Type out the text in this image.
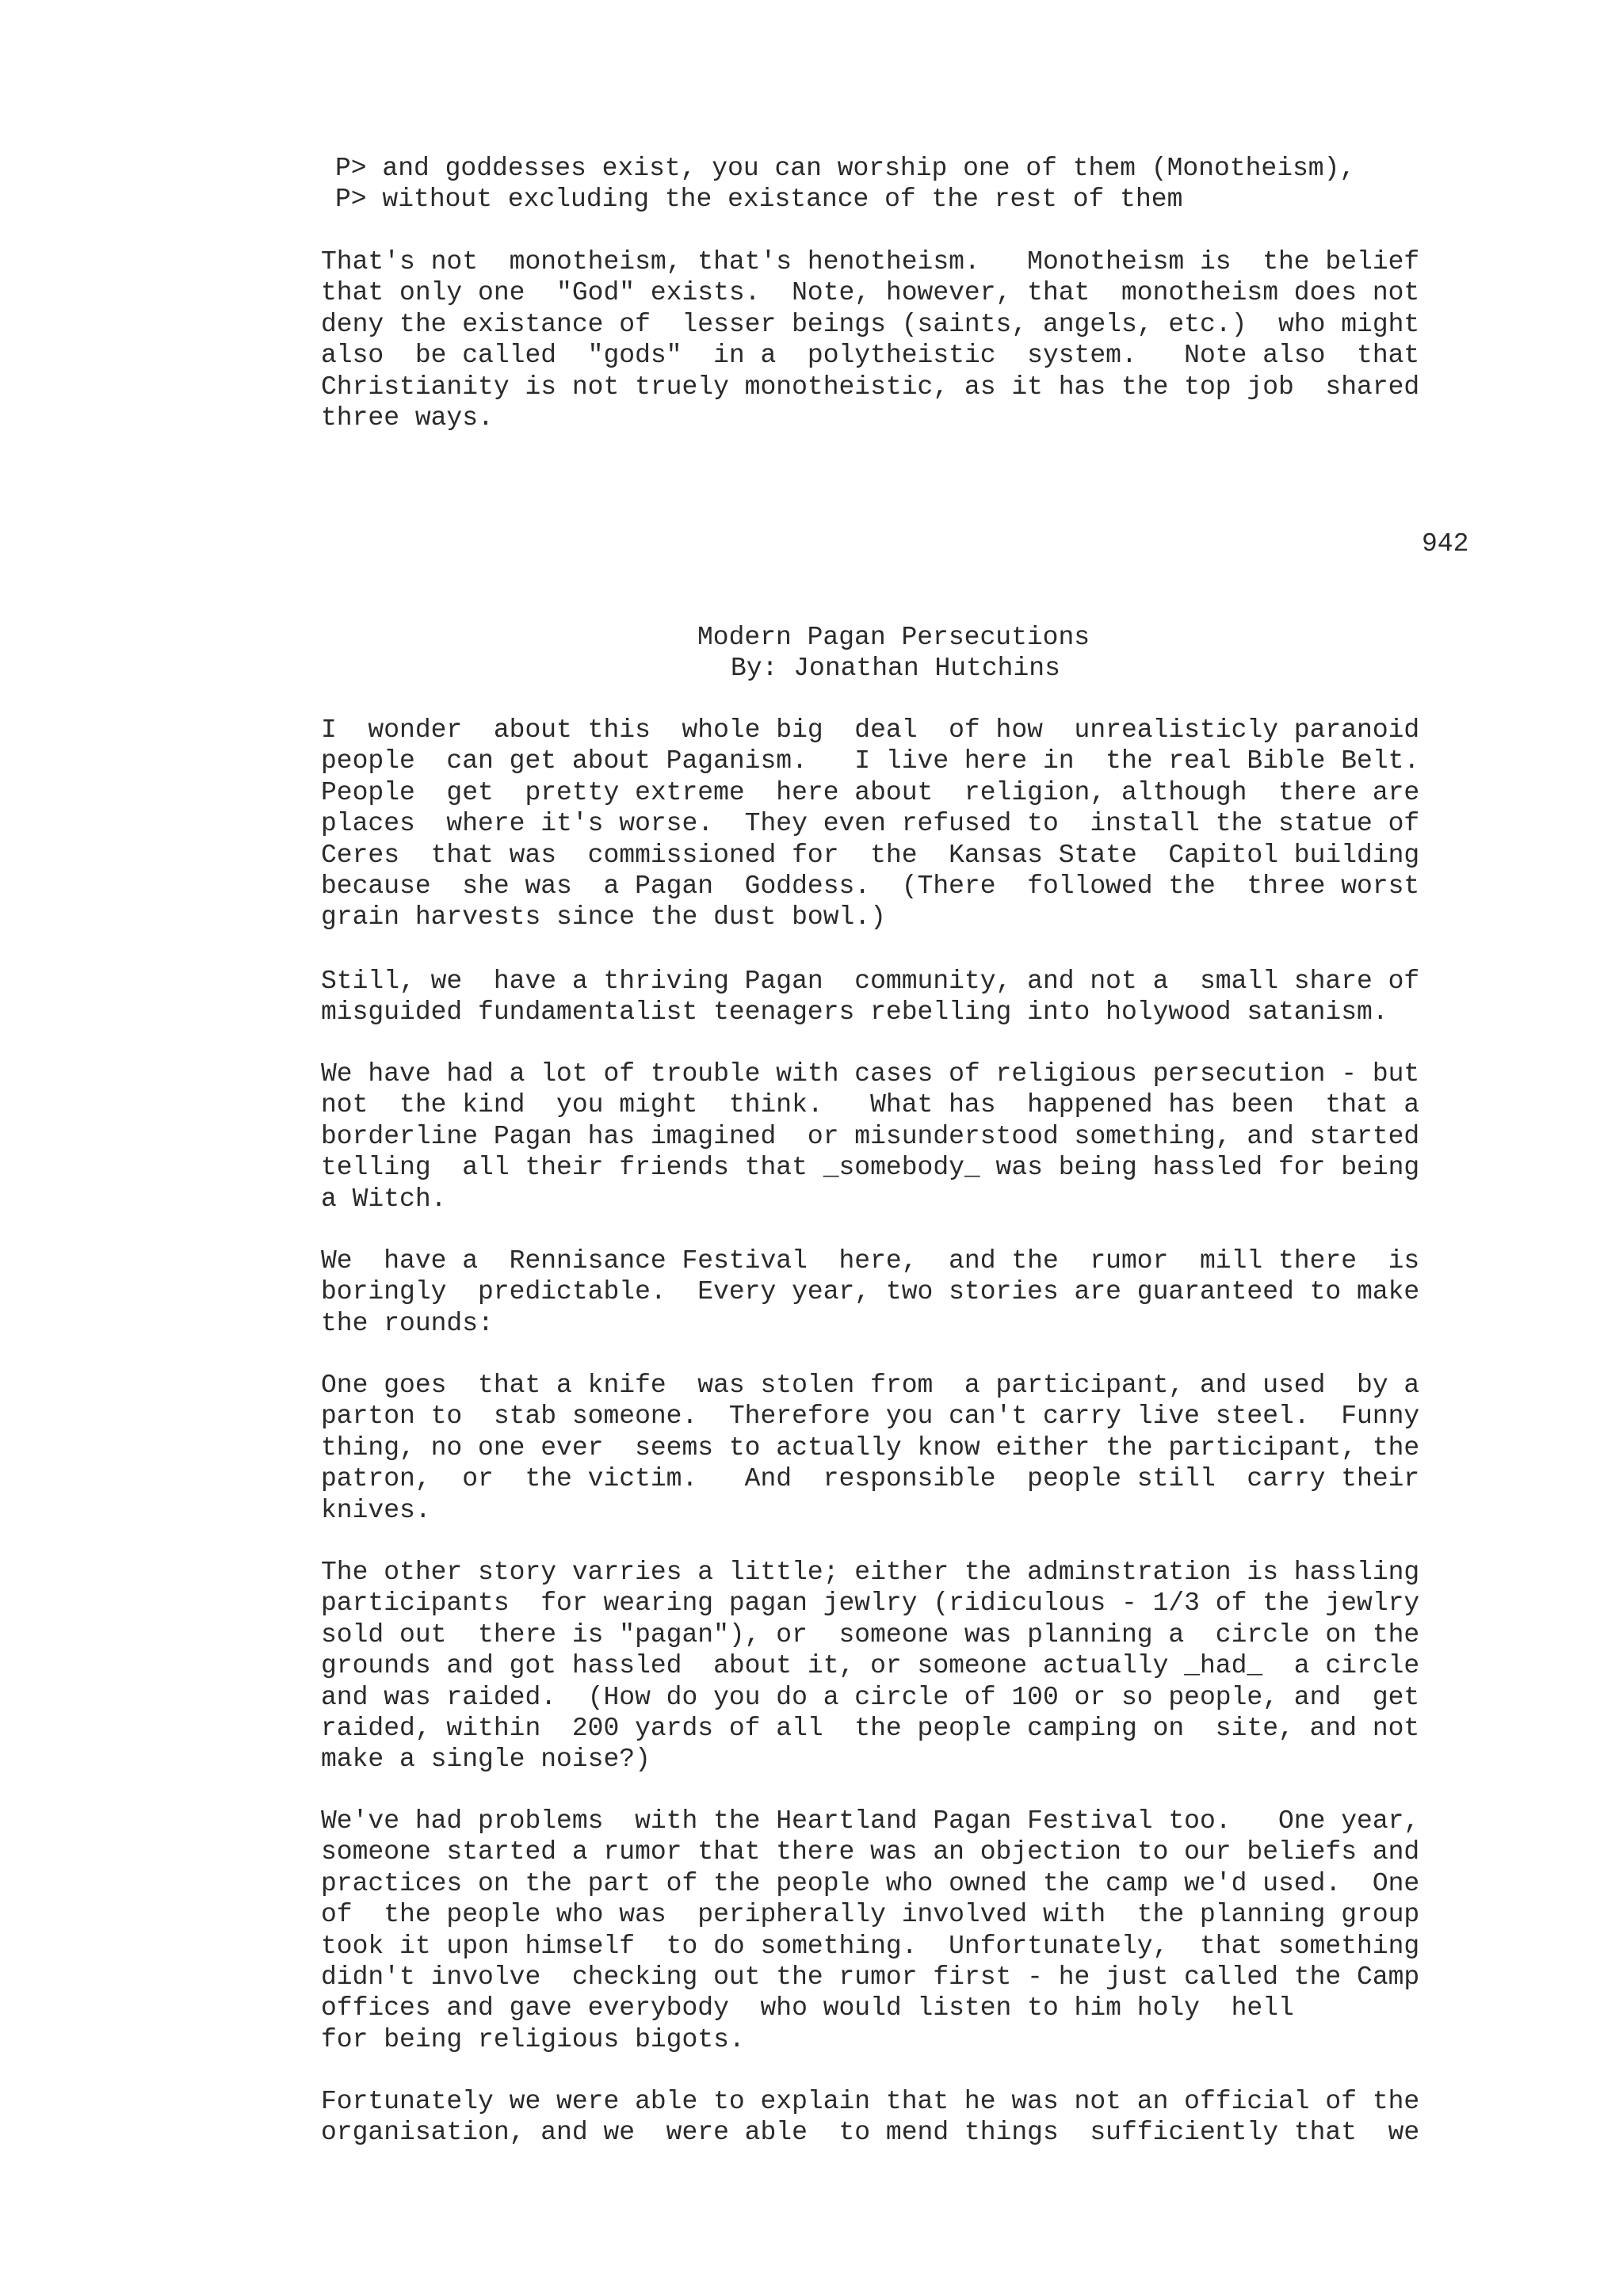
P> and goddesses exist, you can worship one of them (Monotheism),
P> without excluding the existance of the rest of them
That's not  monotheism, that's henotheism.   Monotheism is  the belief
that only one  "God" exists.  Note, however, that  monotheism does not
deny the existance of  lesser beings (saints, angels, etc.)  who might
also  be called  "gods"  in a  polytheistic  system.   Note also  that
Christianity is not truely monotheistic, as it has the top job  shared
three ways.
942
Modern Pagan Persecutions
By: Jonathan Hutchins
I  wonder  about this  whole big  deal  of how  unrealisticly paranoid
people  can get about Paganism.   I live here in  the real Bible Belt.
People  get  pretty extreme  here about  religion, although  there are
places  where it's worse.  They even refused to  install the statue of
Ceres  that was  commissioned for  the  Kansas State  Capitol building
because  she was  a Pagan  Goddess.  (There  followed the  three worst
grain harvests since the dust bowl.)
Still, we  have a thriving Pagan  community, and not a  small share of
misguided fundamentalist teenagers rebelling into holywood satanism.
We have had a lot of trouble with cases of religious persecution - but
not  the kind  you might  think.   What has  happened has been  that a
borderline Pagan has imagined  or misunderstood something, and started
telling  all their friends that _somebody_ was being hassled for being
a Witch.
We  have a  Rennisance Festival  here,  and the  rumor  mill there  is
boringly  predictable.  Every year, two stories are guaranteed to make
the rounds:
One goes  that a knife  was stolen from  a participant, and used  by a
parton to  stab someone.  Therefore you can't carry live steel.  Funny
thing, no one ever  seems to actually know either the participant, the
patron,  or  the victim.   And  responsible  people still  carry their
knives.
The other story varries a little; either the adminstration is hassling
participants  for wearing pagan jewlry (ridiculous - 1/3 of the jewlry
sold out  there is "pagan"), or  someone was planning a  circle on the
grounds and got hassled  about it, or someone actually _had_  a circle
and was raided.  (How do you do a circle of 100 or so people, and  get
raided, within  200 yards of all  the people camping on  site, and not
make a single noise?)
We've had problems  with the Heartland Pagan Festival too.   One year,
someone started a rumor that there was an objection to our beliefs and
practices on the part of the people who owned the camp we'd used.  One
of  the people who was  peripherally involved with  the planning group
took it upon himself  to do something.  Unfortunately,  that something
didn't involve  checking out the rumor first - he just called the Camp
offices and gave everybody  who would listen to him holy  hell
for being religious bigots.
Fortunately we were able to explain that he was not an official of the
organisation, and we  were able  to mend things  sufficiently that  we
